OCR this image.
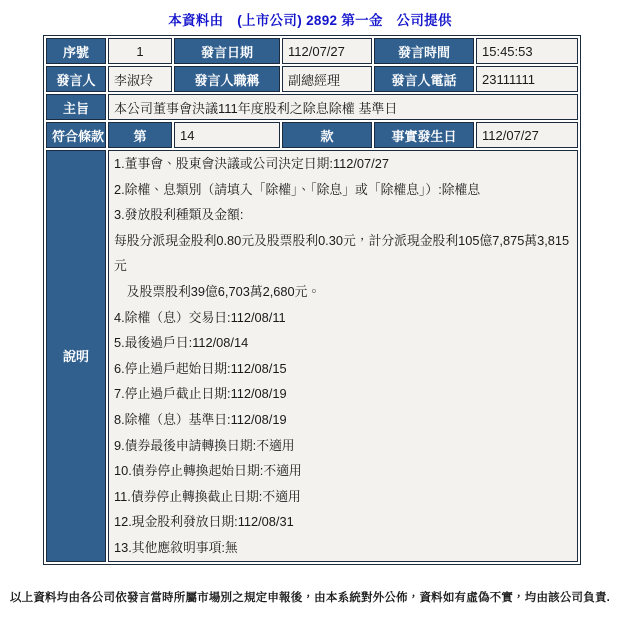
本資料由　(上市公司) 2892 第一金　公司提供
序號	1	發言日期	112/07/27	發言時間	15:45:53
發言人	李淑玲	發言人職稱	副總經理	發言人電話	23111111
主旨	本公司董事會決議111年度股利之除息除權 基準日				
符合條款	第	14	款	事實發生日	112/07/27
說明	
1.董事會、股東會決議或公司決定日期:112/07/27
2.除權、息類別（請填入「除權」、「除息」或「除權息」）:除權息
3.發放股利種類及金額:
每股分派現金股利0.80元及股票股利0.30元，計分派現金股利105億7,875萬3,815元
　及股票股利39億6,703萬2,680元。
4.除權（息）交易日:112/08/11
5.最後過戶日:112/08/14
6.停止過戶起始日期:112/08/15
7.停止過戶截止日期:112/08/19
8.除權（息）基準日:112/08/19
9.債券最後申請轉換日期:不適用
10.債券停止轉換起始日期:不適用
11.債券停止轉換截止日期:不適用
12.現金股利發放日期:112/08/31
13.其他應敘明事項:無
以上資料均由各公司依發言當時所屬市場別之規定申報後，由本系統對外公佈，資料如有虛偽不實，均由該公司負責.
